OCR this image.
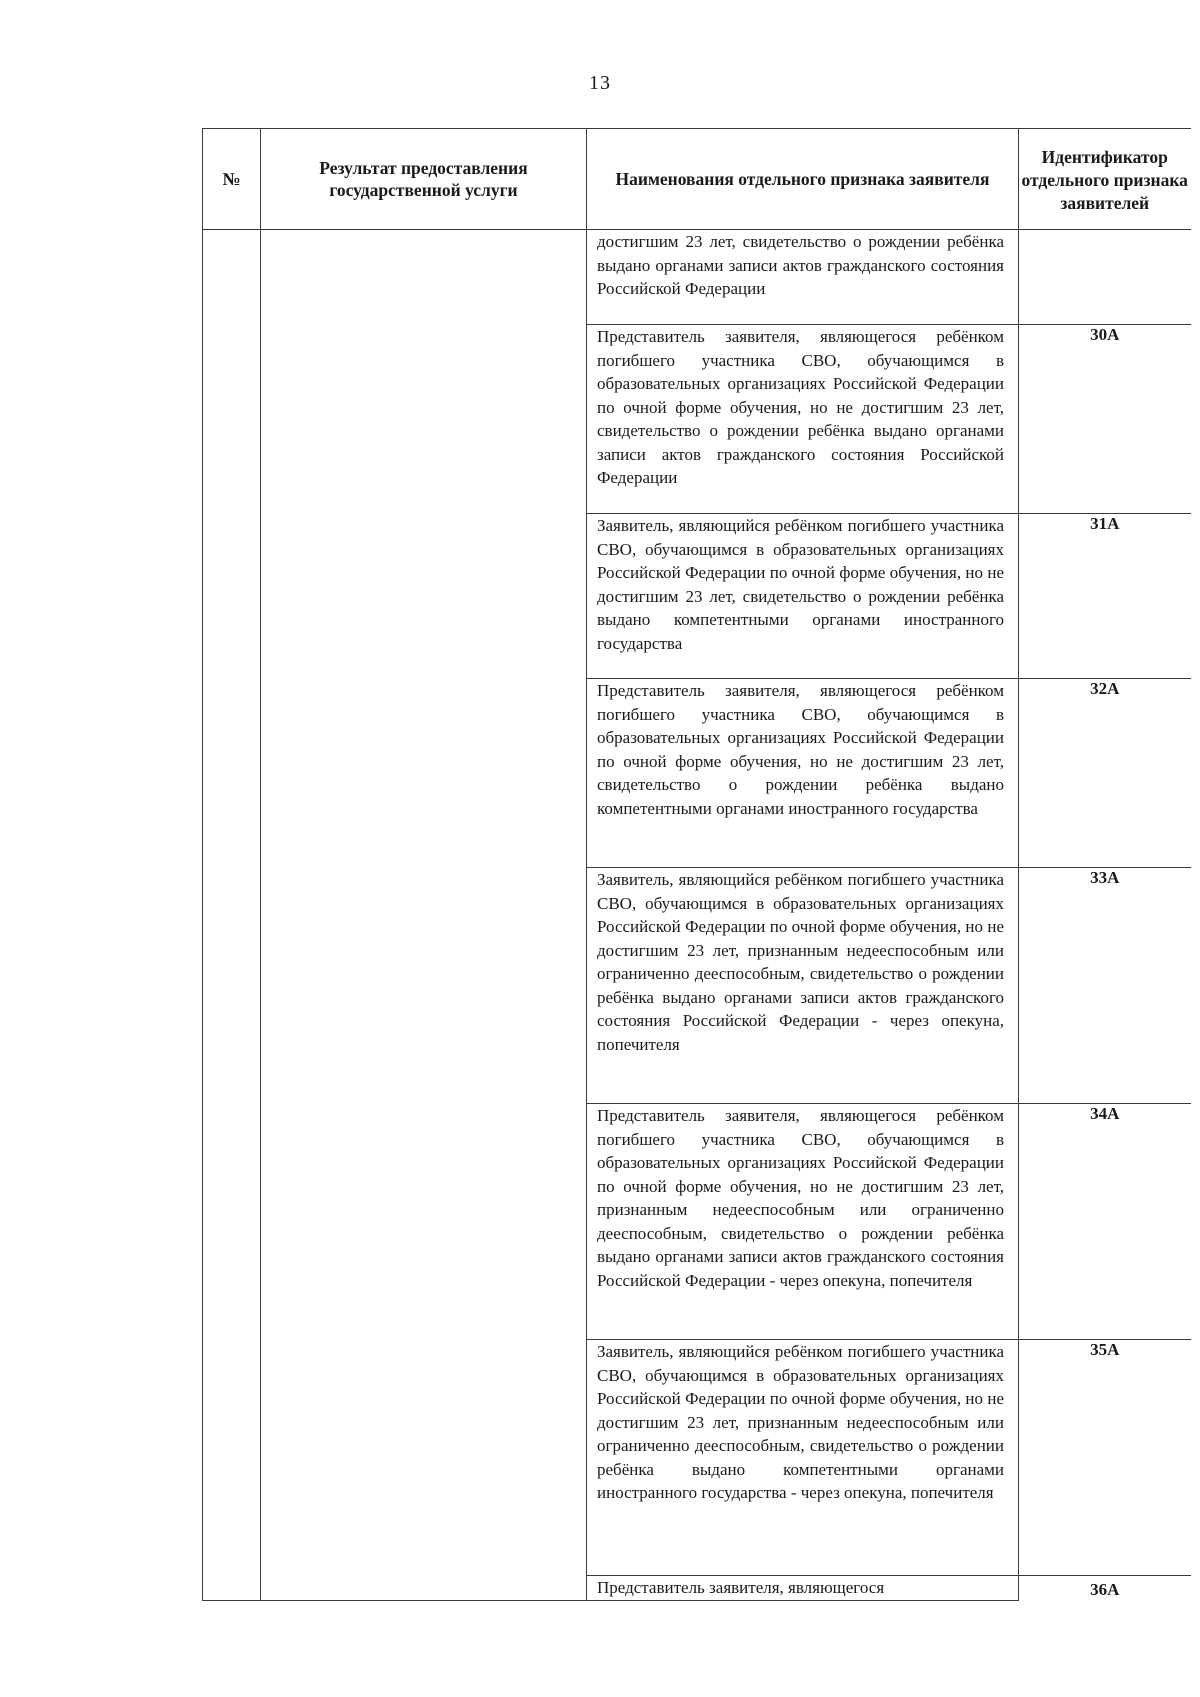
13
№	Результат предоставления государственной услуги	Наименования отдельного признака заявителя	Идентификатор отдельного признака заявителей
		достигшим 23 лет, свидетельство о рождении ребёнка выдано органами записи актов гражданского состояния Российской Федерации	
		Представитель заявителя, являющегося ребёнком погибшего участника СВО, обучающимся в образовательных организациях Российской Федерации по очной форме обучения, но не достигшим 23 лет, свидетельство о рождении ребёнка выдано органами записи актов гражданского состояния Российской Федерации	30А
		Заявитель, являющийся ребёнком погибшего участника СВО, обучающимся в образовательных организациях Российской Федерации по очной форме обучения, но не достигшим 23 лет, свидетельство о рождении ребёнка выдано компетентными органами иностранного государства	31А
		Представитель заявителя, являющегося ребёнком погибшего участника СВО, обучающимся в образовательных организациях Российской Федерации по очной форме обучения, но не достигшим 23 лет, свидетельство о рождении ребёнка выдано компетентными органами иностранного государства	32А
		Заявитель, являющийся ребёнком погибшего участника СВО, обучающимся в образовательных организациях Российской Федерации по очной форме обучения, но не достигшим 23 лет, признанным недееспособным или ограниченно дееспособным, свидетельство о рождении ребёнка выдано органами записи актов гражданского состояния Российской Федерации - через опекуна, попечителя	33А
		Представитель заявителя, являющегося ребёнком погибшего участника СВО, обучающимся в образовательных организациях Российской Федерации по очной форме обучения, но не достигшим 23 лет, признанным недееспособным или ограниченно дееспособным, свидетельство о рождении ребёнка выдано органами записи актов гражданского состояния Российской Федерации - через опекуна, попечителя	34А
		Заявитель, являющийся ребёнком погибшего участника СВО, обучающимся в образовательных организациях Российской Федерации по очной форме обучения, но не достигшим 23 лет, признанным недееспособным или ограниченно дееспособным, свидетельство о рождении ребёнка выдано компетентными органами иностранного государства - через опекуна, попечителя	35А
		Представитель заявителя, являющегося	36А
